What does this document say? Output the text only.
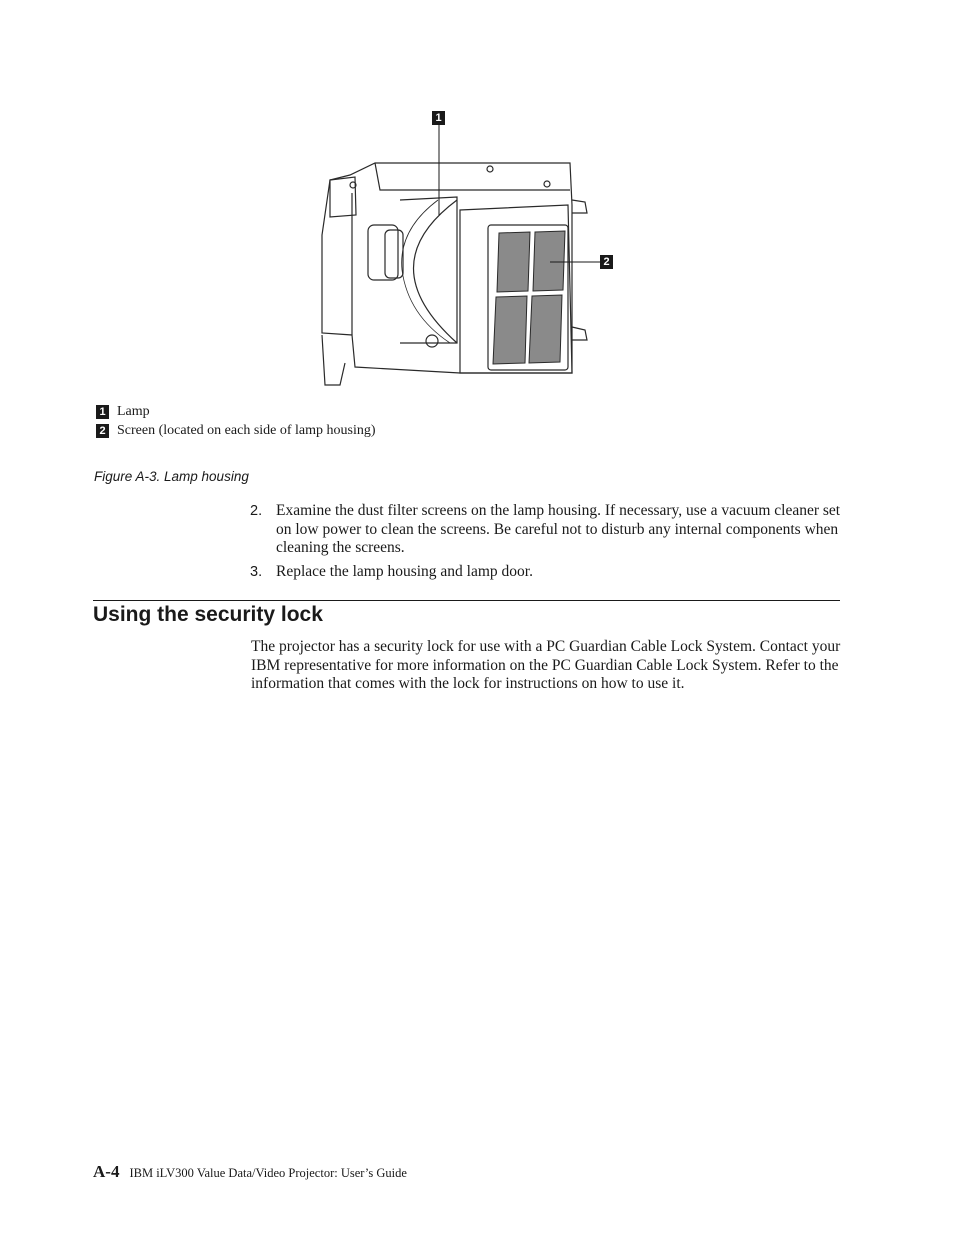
1
2
1 Lamp
2 Screen (located on each side of lamp housing)
Figure A-3. Lamp housing
2. Examine the dust filter screens on the lamp housing. If necessary, use a vacuum cleaner set on low power to clean the screens. Be careful not to disturb any internal components when cleaning the screens.
3. Replace the lamp housing and lamp door.
Using the security lock
The projector has a security lock for use with a PC Guardian Cable Lock System. Contact your IBM representative for more information on the PC Guardian Cable Lock System. Refer to the information that comes with the lock for instructions on how to use it.
A-4 IBM iLV300 Value Data/Video Projector: User’s Guide
